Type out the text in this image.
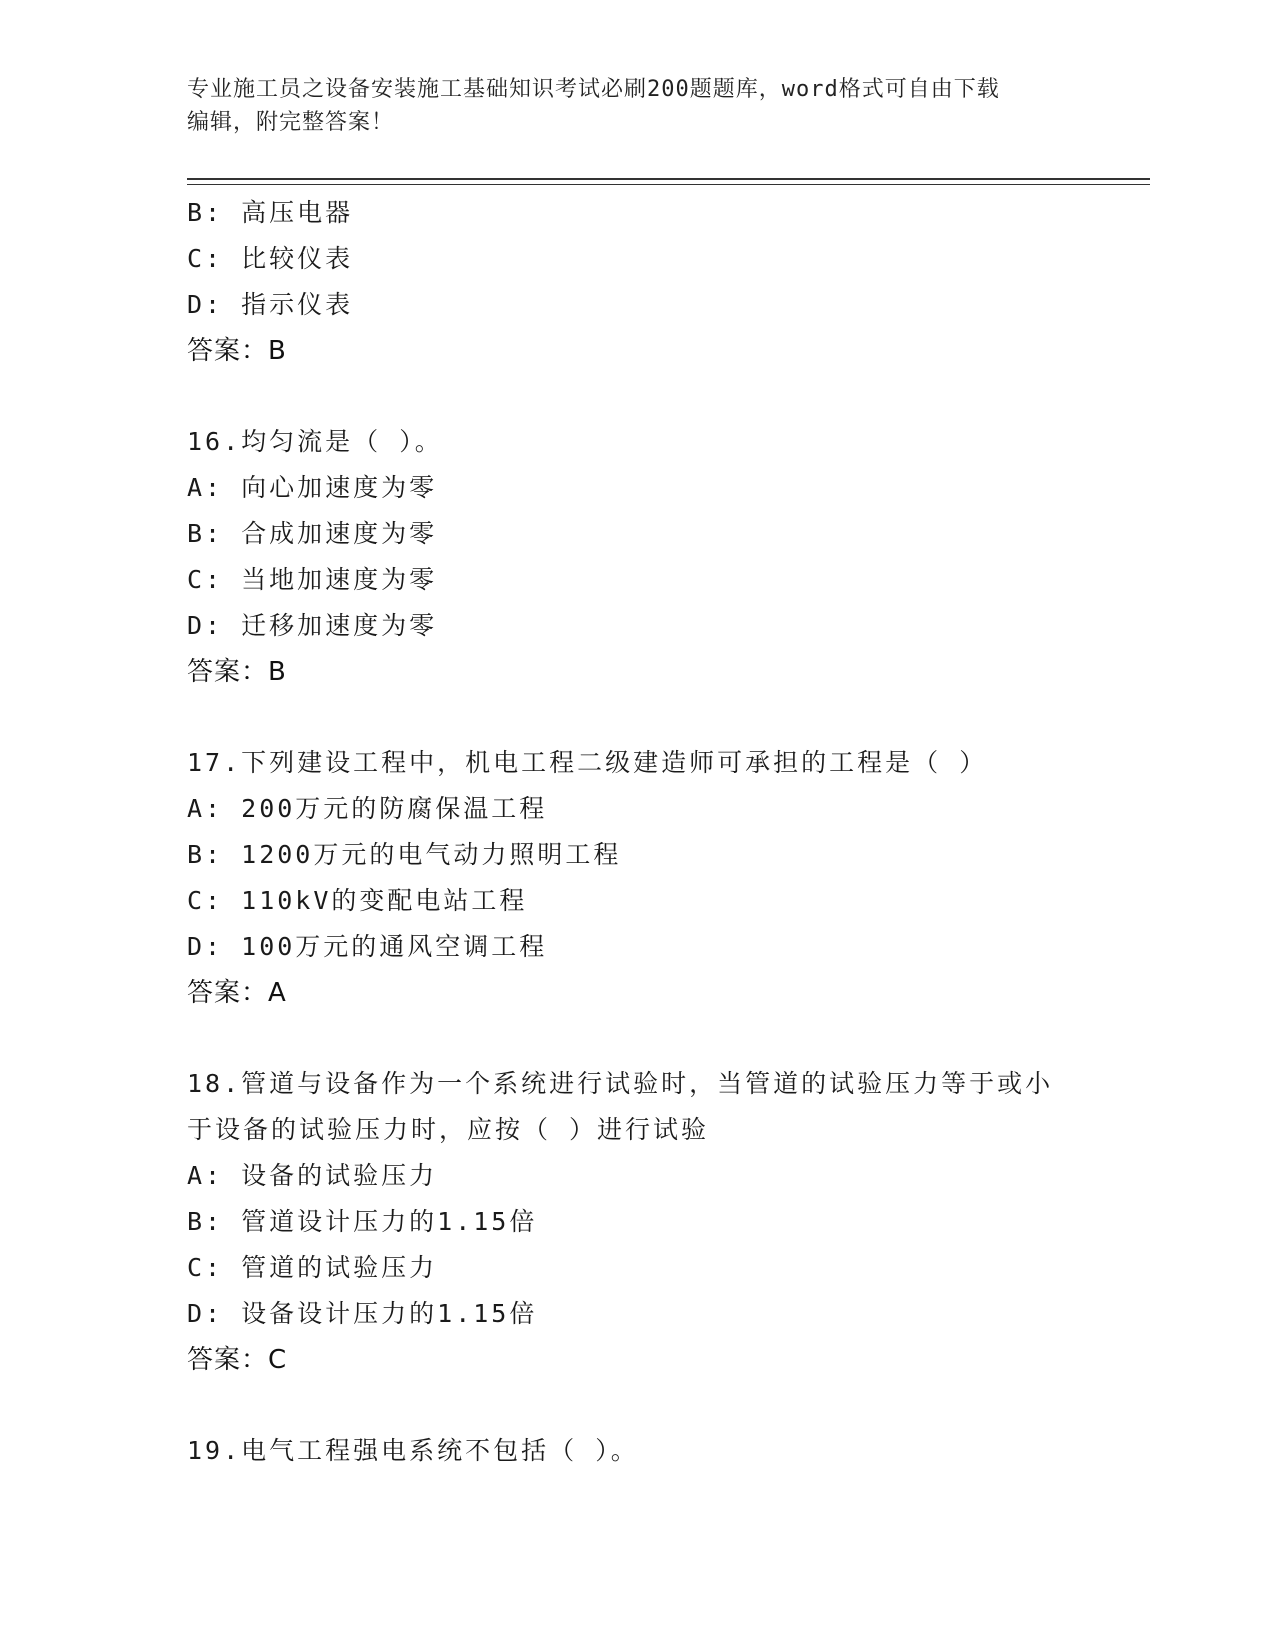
专业施工员之设备安装施工基础知识考试必刷200题题库，word格式可自由下载
编辑，附完整答案！
B: 高压电器
C: 比较仪表
D: 指示仪表
答案：B
16.均匀流是（ ）。
A: 向心加速度为零
B: 合成加速度为零
C: 当地加速度为零
D: 迁移加速度为零
答案：B
17.下列建设工程中，机电工程二级建造师可承担的工程是（ ）
A: 200万元的防腐保温工程
B: 1200万元的电气动力照明工程
C: 110kV的变配电站工程
D: 100万元的通风空调工程
答案：A
18.管道与设备作为一个系统进行试验时，当管道的试验压力等于或小
于设备的试验压力时，应按（ ）进行试验
A: 设备的试验压力
B: 管道设计压力的1.15倍
C: 管道的试验压力
D: 设备设计压力的1.15倍
答案：C
19.电气工程强电系统不包括（ ）。
